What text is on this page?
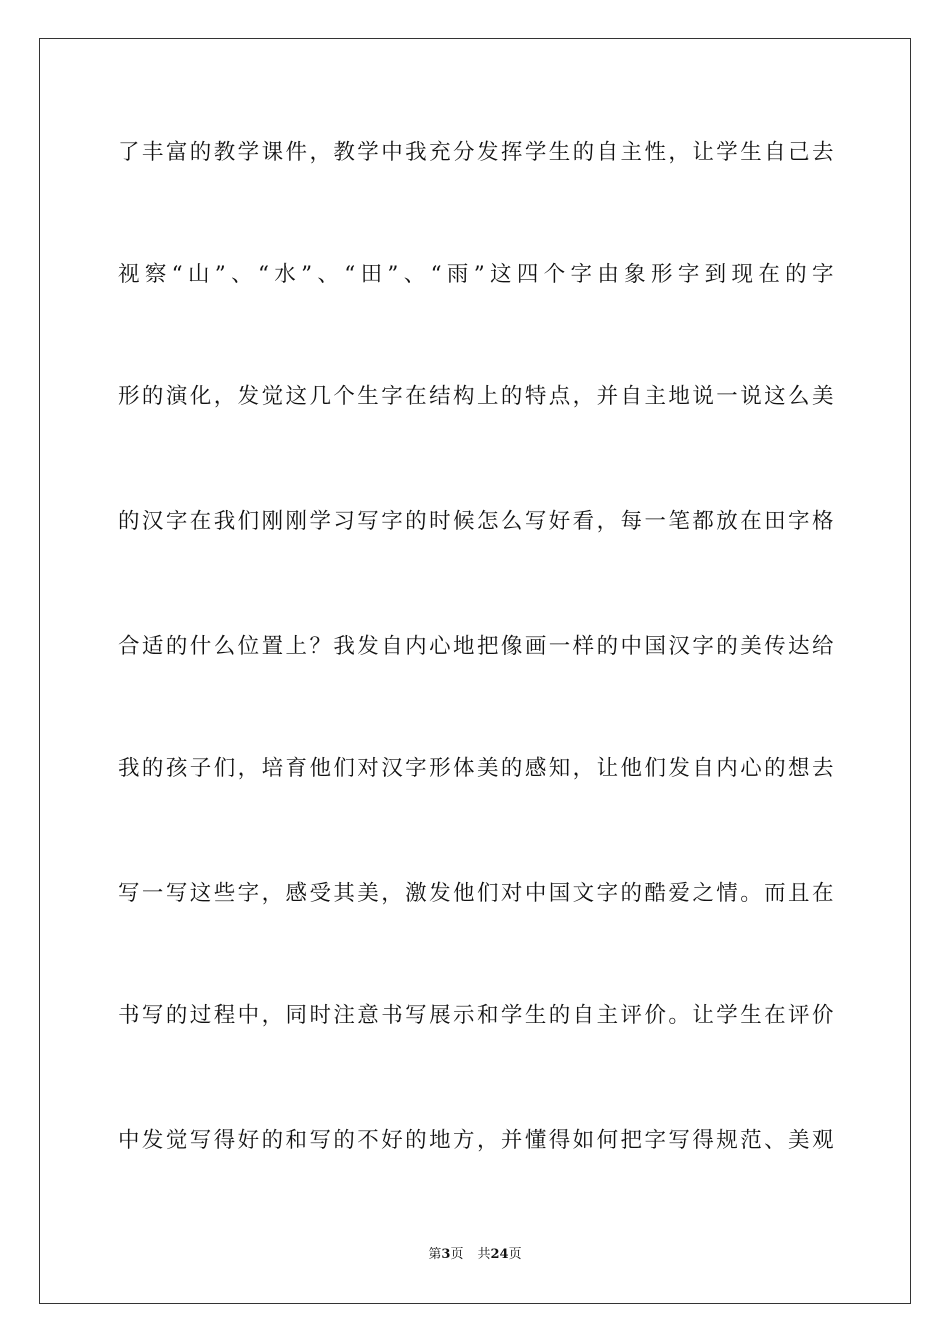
了丰富的教学课件，教学中我充分发挥学生的自主性，让学生自己去
视察“山”、“水”、“田”、“雨”这四个字由象形字到现在的字
形的演化，发觉这几个生字在结构上的特点，并自主地说一说这么美
的汉字在我们刚刚学习写字的时候怎么写好看，每一笔都放在田字格
合适的什么位置上？我发自内心地把像画一样的中国汉字的美传达给
我的孩子们，培育他们对汉字形体美的感知，让他们发自内心的想去
写一写这些字，感受其美，激发他们对中国文字的酷爱之情。而且在
书写的过程中，同时注意书写展示和学生的自主评价。让学生在评价
中发觉写得好的和写的不好的地方，并懂得如何把字写得规范、美观
第3页 共24页
